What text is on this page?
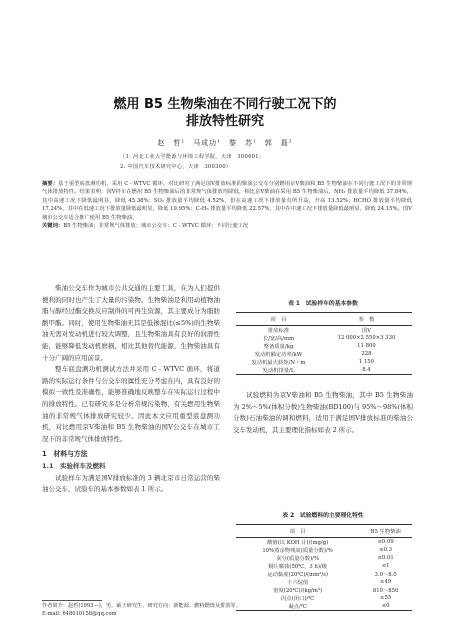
燃用 B5 生物柴油在不同行驶工况下的
排放特性研究
赵　哲¹　马成功¹　黎　苏¹　郭　磊²
（1. 河北工业大学能源与环境工程学院，天津　300401；
2. 中国汽车技术研究中心，天津　300300）
摘要：基于重型底盘测功机，采用 C - WTVC 循环，对比研究了满足国Ⅴ排放标准的柴油公交车分别燃用京Ⅴ柴油和 B5 生物柴油在不同行驶工况下的非常规气体排放特性。结果表明：国Ⅴ样车在燃用 B5 生物柴油后的非常规气体排放均降低，相比京Ⅴ柴油在采用 B5 生物柴油后，NH₃ 排放量平均降低 37.84%，其中高速工况下降低最明显，降低 45.38%；SO₂ 排放量平均降低 4.52%，但在高速工况下排放量有所升高，升高 13.52%；HCHO 排放量平均降低 17.24%，其中在低速工况下排放量降低最明显，降低 19.95%；C₇H₈ 排放量平均降低 22.57%，其中在中速工况下排放量降低最明显，降低 24.15%。国Ⅴ城市公交车适合推广使用 B5 生物柴油。
关键词：B5 生物柴油；非常规气体排放；城市公交车；C - WTVC 循环；不同行驶工况

柴油公交车作为城市公共交通的主要工具，在为人们提供便利的同时也产生了大量的污染物。生物柴油是利用动植物油脂与醇经过酯交换反应制得的可再生资源，其主要成分为脂肪酸甲酯。同时，使用生物柴油无其是低掺混比(≤5%)的生物柴油无需对发动机进行较大调整，且生物柴油具有良好的润滑性能，能够降低发动机磨损，相比其他替代能源，生物柴油具有十分广阔的应用前景。

整车底盘测功机测试方法并采用 C - WTVC 循环，将道路的实际运行条件与公交车的属性充分考虑在内，具有良好的模拟一致性及准确性，能够准确地反映整车在实际运行过程中的排放特性。已有研究多是分析常规污染物，有关燃用生物柴油的非常规气体排放研究较少。因此本文应用重型底盘测功机，对比燃用京Ⅴ柴油和 B5 生物柴油的国Ⅴ公交车在城市工况下的非常规气体排放特性。

1　材料与方法
1.1　实验样车及燃料

试验样车为满足国Ⅴ排放标准的 3 辆北京市日常运营的柴油公交车，试验车的基本参数如表 1 所示。

表 1　试验样车的基本参数
项　目	参　数
排放标准	国Ⅴ
长/宽/高/mm	12 000×2 550×3 330
整备质量/kg	11 800
发动机额定功率/kW	228
发动机最大转矩/N・m	1 150
发动机排量/L	8.4

试验燃料为京Ⅴ柴油和 B5 生物柴油，其中 B5 生物柴油为 2%～5%(体积分数)生物柴油(BD100)与 95%～98%(体积分数)石油柴油的调和燃料，适用于满足国Ⅴ排放标准的柴油公交车发动机，其主要理化指标如表 2 所示。

表 2　试验燃料的主要理化特性
项　目	B5 生物柴油
酸值(以 KOH 计)/(mg/g)	≤0.09
10%蒸余物残炭(质量分数)/%	≤0.3
灰分(质量分数)/%	≤0.01
铜片腐蚀(50℃，3 h)/级	≤1
运动黏度(20℃)/(mm²/s)	3.0～8.0
十六烷值	≥49
密度(20℃)/(kg/m³)	810～850
闪点(闭口)/℃	≥55
凝点/℃	≤0
作者简介：赵哲(1993—)，男，硕士研究生，研究方向：新能源、燃料燃烧及排放等。
E-mail: 648010158@qq.com
